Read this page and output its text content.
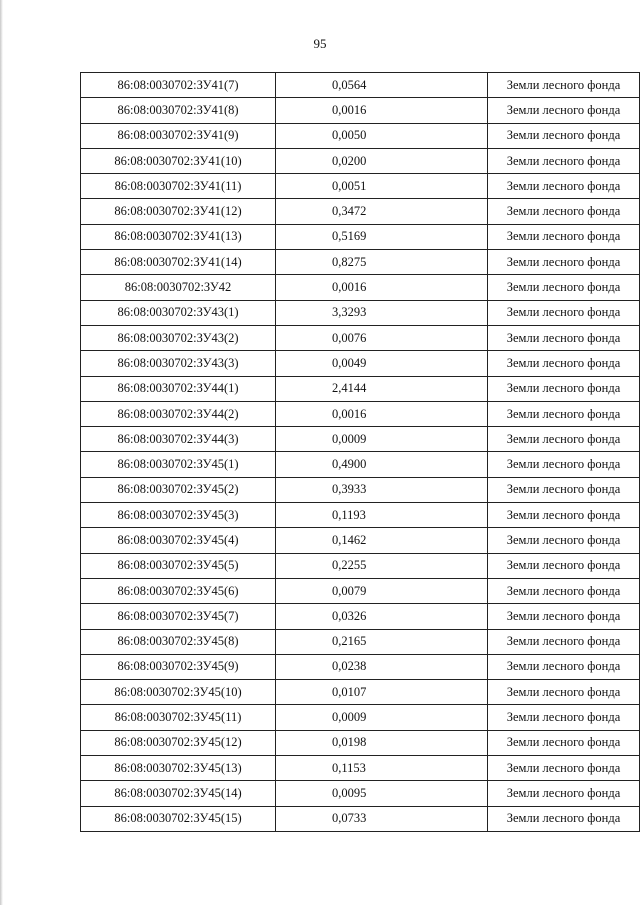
95
86:08:0030702:ЗУ41(7)	0,0564	Земли лесного фонда
86:08:0030702:ЗУ41(8)	0,0016	Земли лесного фонда
86:08:0030702:ЗУ41(9)	0,0050	Земли лесного фонда
86:08:0030702:ЗУ41(10)	0,0200	Земли лесного фонда
86:08:0030702:ЗУ41(11)	0,0051	Земли лесного фонда
86:08:0030702:ЗУ41(12)	0,3472	Земли лесного фонда
86:08:0030702:ЗУ41(13)	0,5169	Земли лесного фонда
86:08:0030702:ЗУ41(14)	0,8275	Земли лесного фонда
86:08:0030702:ЗУ42	0,0016	Земли лесного фонда
86:08:0030702:ЗУ43(1)	3,3293	Земли лесного фонда
86:08:0030702:ЗУ43(2)	0,0076	Земли лесного фонда
86:08:0030702:ЗУ43(3)	0,0049	Земли лесного фонда
86:08:0030702:ЗУ44(1)	2,4144	Земли лесного фонда
86:08:0030702:ЗУ44(2)	0,0016	Земли лесного фонда
86:08:0030702:ЗУ44(3)	0,0009	Земли лесного фонда
86:08:0030702:ЗУ45(1)	0,4900	Земли лесного фонда
86:08:0030702:ЗУ45(2)	0,3933	Земли лесного фонда
86:08:0030702:ЗУ45(3)	0,1193	Земли лесного фонда
86:08:0030702:ЗУ45(4)	0,1462	Земли лесного фонда
86:08:0030702:ЗУ45(5)	0,2255	Земли лесного фонда
86:08:0030702:ЗУ45(6)	0,0079	Земли лесного фонда
86:08:0030702:ЗУ45(7)	0,0326	Земли лесного фонда
86:08:0030702:ЗУ45(8)	0,2165	Земли лесного фонда
86:08:0030702:ЗУ45(9)	0,0238	Земли лесного фонда
86:08:0030702:ЗУ45(10)	0,0107	Земли лесного фонда
86:08:0030702:ЗУ45(11)	0,0009	Земли лесного фонда
86:08:0030702:ЗУ45(12)	0,0198	Земли лесного фонда
86:08:0030702:ЗУ45(13)	0,1153	Земли лесного фонда
86:08:0030702:ЗУ45(14)	0,0095	Земли лесного фонда
86:08:0030702:ЗУ45(15)	0,0733	Земли лесного фонда
